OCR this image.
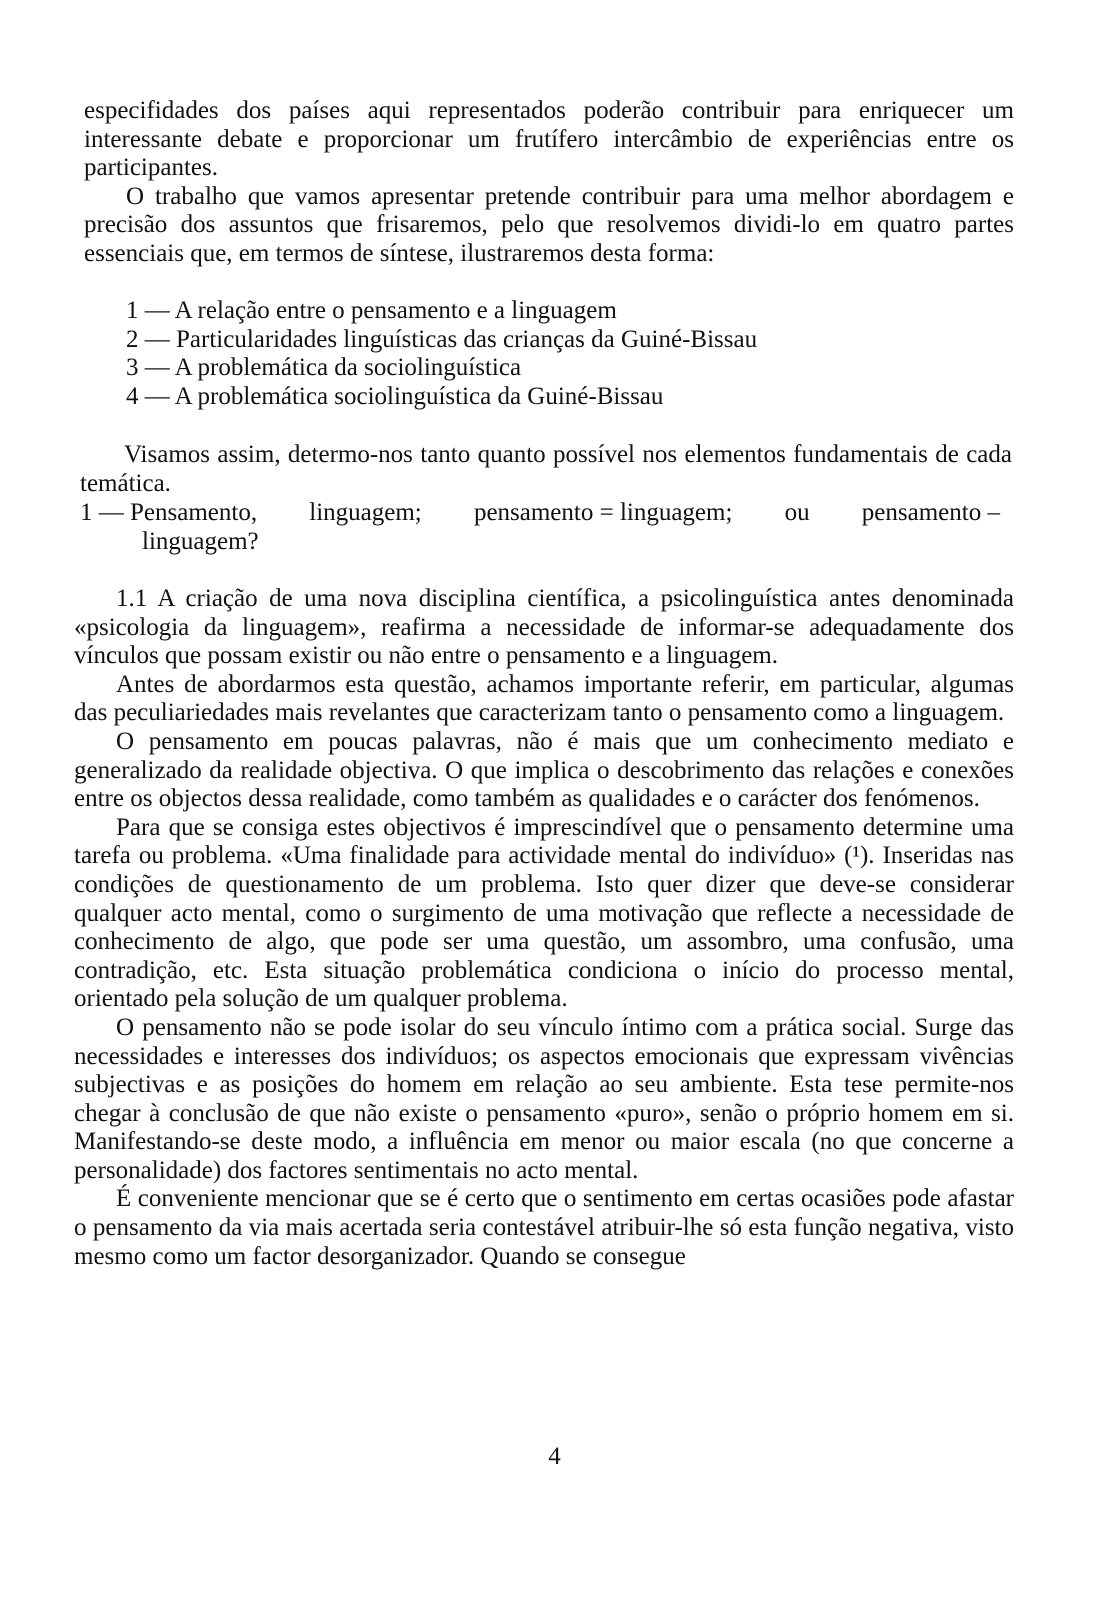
especifidades dos países aqui representados poderão contribuir para enriquecer um interessante debate e proporcionar um frutífero intercâmbio de experiências entre os participantes.

O trabalho que vamos apresentar pretende contribuir para uma melhor abordagem e precisão dos assuntos que frisaremos, pelo que resolvemos dividi-lo em quatro partes essenciais que, em termos de síntese, ilustraremos desta forma:

1 — A relação entre o pensamento e a linguagem
2 — Particularidades linguísticas das crianças da Guiné-Bissau
3 — A problemática da sociolinguística
4 — A problemática sociolinguística da Guiné-Bissau

Visamos assim, determo-nos tanto quanto possível nos elementos fundamentais de cada temática.

1 — Pensamento, linguagem; pensamento = linguagem; ou pensamento –
linguagem?

1.1 A criação de uma nova disciplina científica, a psicolinguística antes denominada «psicologia da linguagem», reafirma a necessidade de informar-se adequadamente dos vínculos que possam existir ou não entre o pensamento e a linguagem.

Antes de abordarmos esta questão, achamos importante referir, em particular, algumas das peculiariedades mais revelantes que caracterizam tanto o pensamento como a linguagem.

O pensamento em poucas palavras, não é mais que um conhecimento mediato e generalizado da realidade objectiva. O que implica o descobrimento das relações e conexões entre os objectos dessa realidade, como também as qualidades e o carácter dos fenómenos.

Para que se consiga estes objectivos é imprescindível que o pensamento determine uma tarefa ou problema. «Uma finalidade para actividade mental do indivíduo» (¹). Inseridas nas condições de questionamento de um problema. Isto quer dizer que deve-se considerar qualquer acto mental, como o surgimento de uma motivação que reflecte a necessidade de conhecimento de algo, que pode ser uma questão, um assombro, uma confusão, uma contradição, etc. Esta situação problemática condiciona o início do processo mental, orientado pela solução de um qualquer problema.

O pensamento não se pode isolar do seu vínculo íntimo com a prática social. Surge das necessidades e interesses dos indivíduos; os aspectos emocionais que expressam vivências subjectivas e as posições do homem em relação ao seu ambiente. Esta tese permite-nos chegar à conclusão de que não existe o pensamento «puro», senão o próprio homem em si. Manifestando-se deste modo, a influência em menor ou maior escala (no que concerne a personalidade) dos factores sentimentais no acto mental.

É conveniente mencionar que se é certo que o sentimento em certas ocasiões pode afastar o pensamento da via mais acertada seria contestável atribuir-lhe só esta função negativa, visto mesmo como um factor desorganizador. Quando se consegue

4
